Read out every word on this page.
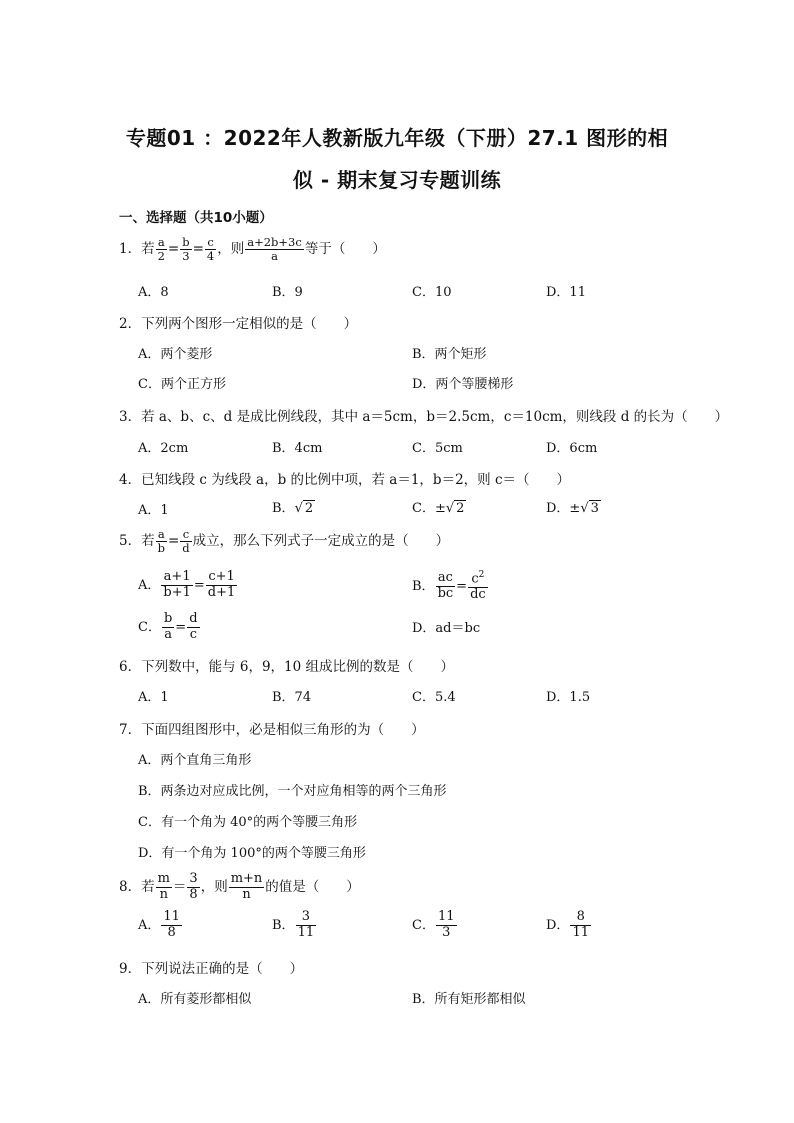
专题01 ：2022年人教新版九年级（下册）27.1 图形的相
似 - 期末复习专题训练
一、选择题（共10小题）
1．若 $\frac{a}{2} = \frac{b}{3} = \frac{c}{4}$ ，则 $\frac{a+2b+3c}{a}$ 等于（　　）
A．8	B．9	C．10	D．11
2．下列两个图形一定相似的是（　　）
A．两个菱形	B．两个矩形
C．两个正方形	D．两个等腰梯形
3．若 a、b、c、d 是成比例线段，其中 a＝5cm，b＝2.5cm，c＝10cm，则线段 d 的长为（　　）
A．2cm	B．4cm	C．5cm	D．6cm
4．已知线段 c 为线段 a，b 的比例中项，若 a＝1，b＝2，则 c＝（　　）
A．1	B．√ 2	C．±√ 2	D．±√ 3
5．若 $\frac{a}{b} = \frac{c}{d}$ 成立，那么下列式子一定成立的是（　　）
A． $\frac{a+1}{b+1} = \frac{c+1}{d+1}$	B． $\frac{ac}{bc} = \frac{c^2}{dc}$
C． $\frac{b}{a} = \frac{d}{c}$	D．ad＝bc
6．下列数中，能与 6，9，10 组成比例的数是（　　）
A．1	B．74	C．5.4	D．1.5
7．下面四组图形中，必是相似三角形的为（　　）
A．两个直角三角形
B．两条边对应成比例，一个对应角相等的两个三角形
C．有一个角为 40°的两个等腰三角形
D．有一个角为 100°的两个等腰三角形
8．若 $\frac{m}{n} = \frac{3}{8}$ ，则 $\frac{m+n}{n}$ 的值是（　　）
A． $\frac{11}{8}$	B． $\frac{3}{11}$	C． $\frac{11}{3}$	D． $\frac{8}{11}$
9．下列说法正确的是（　　）
A．所有菱形都相似	B．所有矩形都相似
